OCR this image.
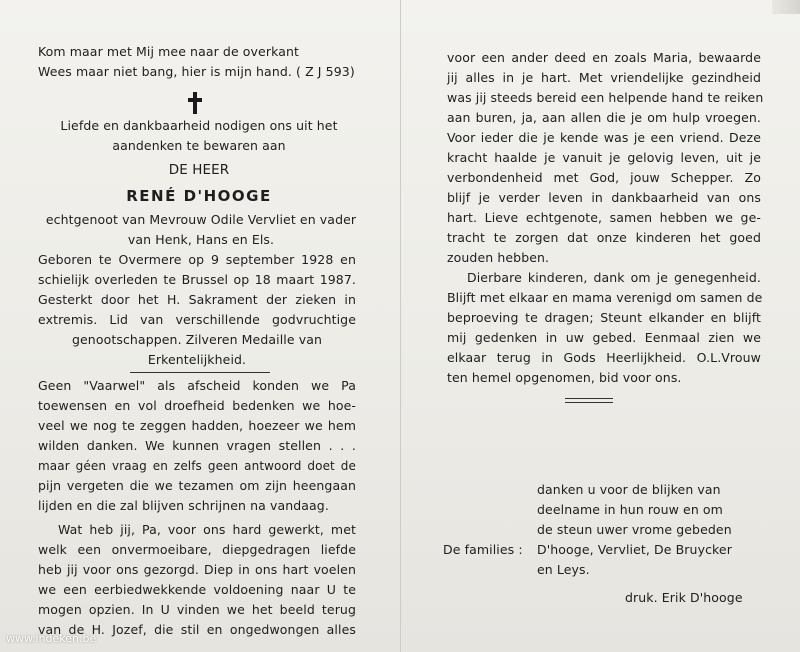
Kom maar met Mij mee naar de overkant
Wees maar niet bang, hier is mijn hand. ( Z J 593)
Liefde en dankbaarheid nodigen ons uit het
aandenken te bewaren aan
DE HEER
RENÉ D'HOOGE
echtgenoot van Mevrouw Odile Vervliet en vader
van Henk, Hans en Els.
Geboren te Overmere op 9 september 1928 en
schielijk overleden te Brussel op 18 maart 1987.
Gesterkt door het H. Sakrament der zieken in
extremis. Lid van verschillende godvruchtige
genootschappen. Zilveren Medaille van
Erkentelijkheid.
Geen "Vaarwel" als afscheid konden we Pa
toewensen en vol droefheid bedenken we hoe-
veel we nog te zeggen hadden, hoezeer we hem
wilden danken. We kunnen vragen stellen . . .
maar géen vraag en zelfs geen antwoord doet de
pijn vergeten die we tezamen om zijn heengaan
lijden en die zal blijven schrijnen na vandaag.
Wat heb jij, Pa, voor ons hard gewerkt, met
welk een onvermoeibare, diepgedragen liefde
heb jij voor ons gezorgd. Diep in ons hart voelen
we een eerbiedwekkende voldoening naar U te
mogen opzien. In U vinden we het beeld terug
van de H. Jozef, die stil en ongedwongen alles
voor een ander deed en zoals Maria, bewaarde
jij alles in je hart. Met vriendelijke gezindheid
was jij steeds bereid een helpende hand te reiken
aan buren, ja, aan allen die je om hulp vroegen.
Voor ieder die je kende was je een vriend. Deze
kracht haalde je vanuit je gelovig leven, uit je
verbondenheid met God, jouw Schepper. Zo
blijf je verder leven in dankbaarheid van ons
hart. Lieve echtgenote, samen hebben we ge-
tracht te zorgen dat onze kinderen het goed
zouden hebben.
Dierbare kinderen, dank om je genegenheid.
Blijft met elkaar en mama verenigd om samen de
beproeving te dragen; Steunt elkander en blijft
mij gedenken in uw gebed. Eenmaal zien we
elkaar terug in Gods Heerlijkheid. O.L.Vrouw
ten hemel opgenomen, bid voor ons.
danken u voor de blijken van
deelname in hun rouw en om
de steun uwer vrome gebeden
De families : D'hooge, Vervliet, De Bruycker
en Leys.
druk. Erik D'hooge
www.indeken.be
